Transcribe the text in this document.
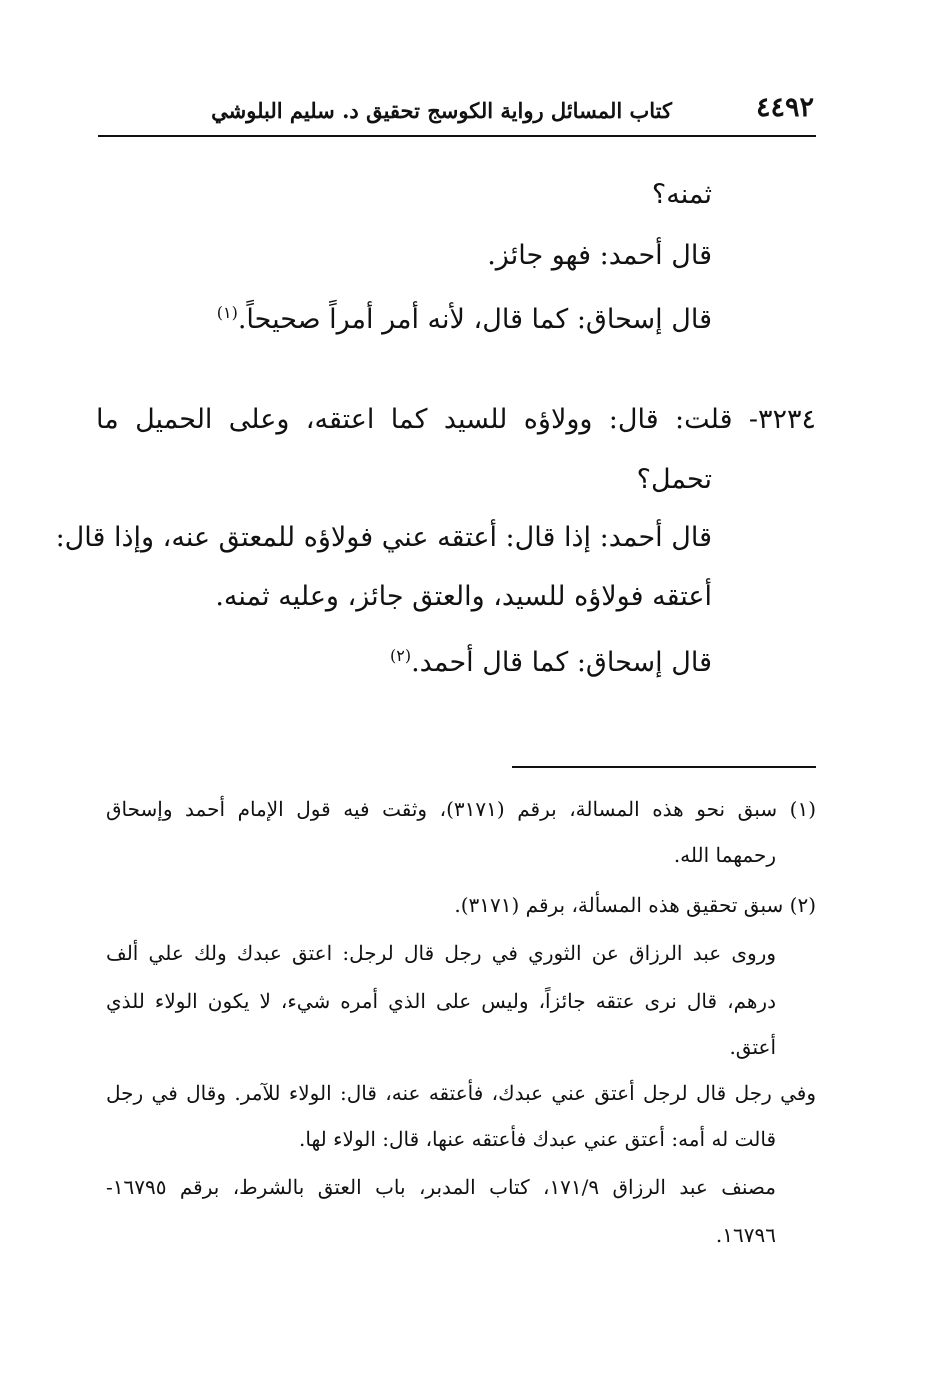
٤٤٩٢
كتاب المسائل رواية الكوسج تحقيق د. سليم البلوشي
ثمنه؟
قال أحمد: فهو جائز.
قال إسحاق: كما قال، لأنه أمر أمراً صحيحاً.$^{(١)}$
٣٢٣٤- قلت: قال: وولاؤه للسيد كما اعتقه، وعلى الحميل ما
تحمل؟
قال أحمد: إذا قال: أعتقه عني فولاؤه للمعتق عنه، وإذا قال:
أعتقه فولاؤه للسيد، والعتق جائز، وعليه ثمنه.
قال إسحاق: كما قال أحمد.$^{(٢)}$
(١) سبق نحو هذه المسالة، برقم (٣١٧١)، وثقت فيه قول الإمام أحمد وإسحاق
رحمهما الله.
(٢) سبق تحقيق هذه المسألة، برقم (٣١٧١).
وروى عبد الرزاق عن الثوري في رجل قال لرجل: اعتق عبدك ولك علي ألف
درهم، قال نرى عتقه جائزاً، وليس على الذي أمره شيء، لا يكون الولاء للذي
أعتق.
وفي رجل قال لرجل أعتق عني عبدك، فأعتقه عنه، قال: الولاء للآمر. وقال في رجل
قالت له أمه: أعتق عني عبدك فأعتقه عنها، قال: الولاء لها.
مصنف عبد الرزاق ١٧١/٩، كتاب المدبر، باب العتق بالشرط، برقم ١٦٧٩٥-
١٦٧٩٦.
